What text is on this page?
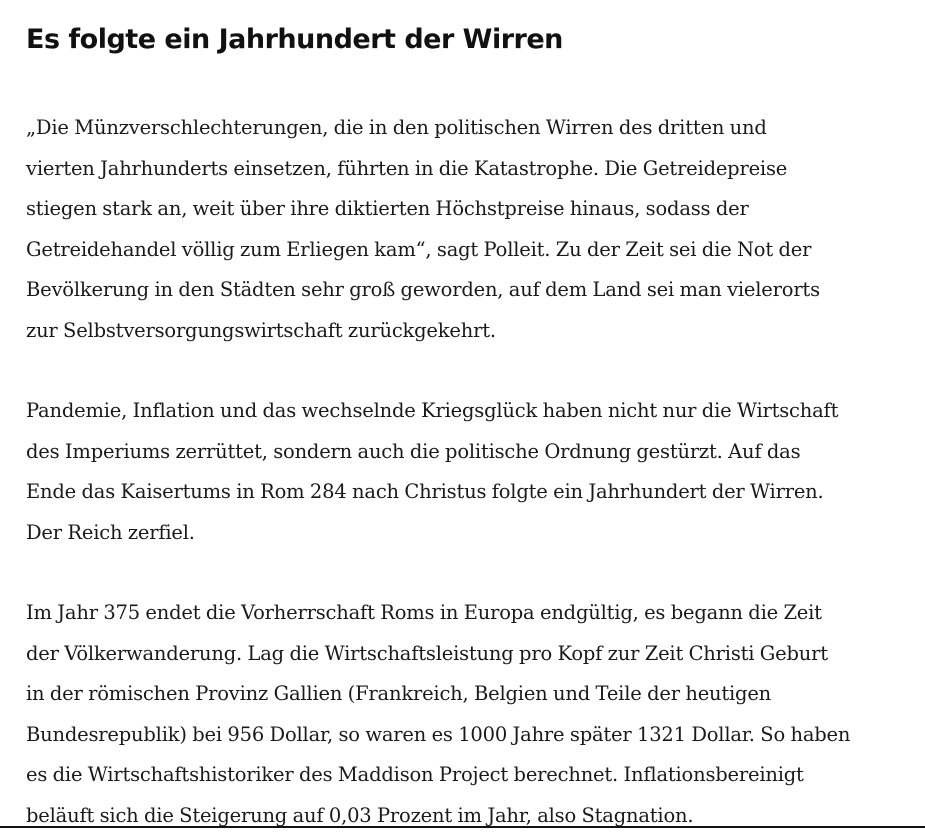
Es folgte ein Jahrhundert der Wirren

„Die Münzverschlechterungen, die in den politischen Wirren des dritten und
vierten Jahrhunderts einsetzen, führten in die Katastrophe. Die Getreidepreise
stiegen stark an, weit über ihre diktierten Höchstpreise hinaus, sodass der
Getreidehandel völlig zum Erliegen kam“, sagt Polleit. Zu der Zeit sei die Not der
Bevölkerung in den Städten sehr groß geworden, auf dem Land sei man vielerorts
zur Selbstversorgungswirtschaft zurückgekehrt.

Pandemie, Inflation und das wechselnde Kriegsglück haben nicht nur die Wirtschaft
des Imperiums zerrüttet, sondern auch die politische Ordnung gestürzt. Auf das
Ende das Kaisertums in Rom 284 nach Christus folgte ein Jahrhundert der Wirren.
Der Reich zerfiel.

Im Jahr 375 endet die Vorherrschaft Roms in Europa endgültig, es begann die Zeit
der Völkerwanderung. Lag die Wirtschaftsleistung pro Kopf zur Zeit Christi Geburt
in der römischen Provinz Gallien (Frankreich, Belgien und Teile der heutigen
Bundesrepublik) bei 956 Dollar, so waren es 1000 Jahre später 1321 Dollar. So haben
es die Wirtschaftshistoriker des Maddison Project berechnet. Inflationsbereinigt
beläuft sich die Steigerung auf 0,03 Prozent im Jahr, also Stagnation.
